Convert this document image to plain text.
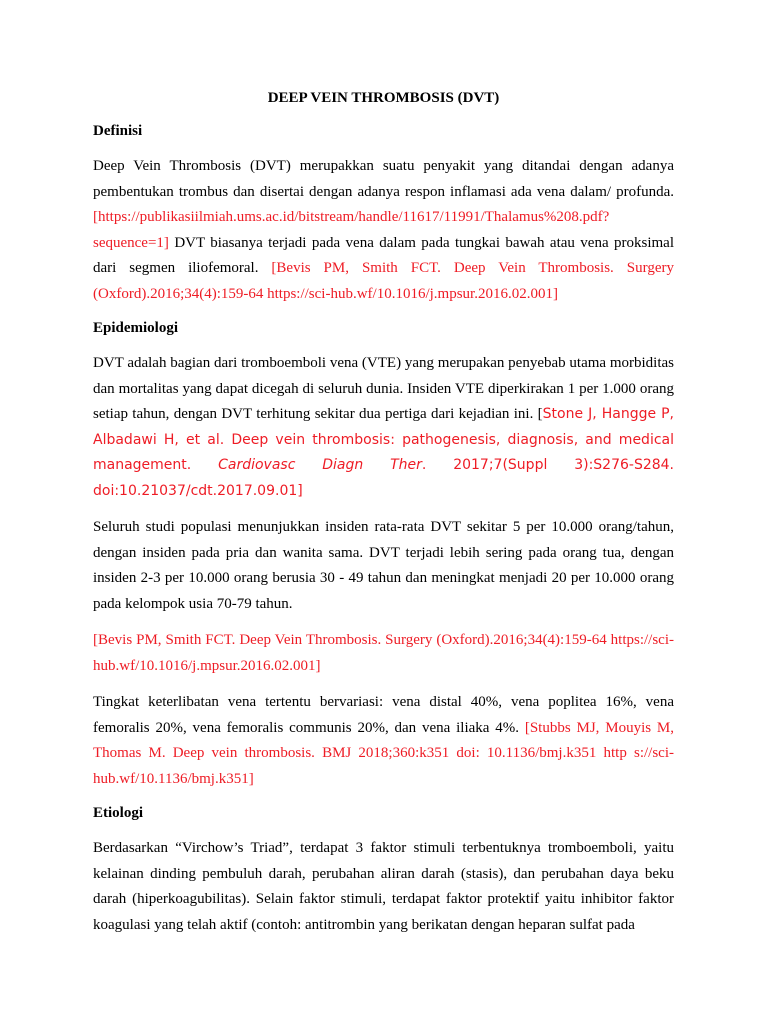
DEEP VEIN THROMBOSIS (DVT)
Definisi

Deep Vein Thrombosis (DVT) merupakkan suatu penyakit yang ditandai dengan adanya pembentukan trombus dan disertai dengan adanya respon inflamasi ada vena dalam/ profunda. [https://publikasiilmiah.ums.ac.id/bitstream/handle/11617/11991/Thalamus%208.pdf?sequence=1] DVT biasanya terjadi pada vena dalam pada tungkai bawah atau vena proksimal dari segmen iliofemoral. [Bevis PM, Smith FCT. Deep Vein Thrombosis. Surgery (Oxford).2016;34(4):159-64 https://sci-hub.wf/10.1016/j.mpsur.2016.02.001]

Epidemiologi

DVT adalah bagian dari tromboemboli vena (VTE) yang merupakan penyebab utama morbiditas dan mortalitas yang dapat dicegah di seluruh dunia. Insiden VTE diperkirakan 1 per 1.000 orang setiap tahun, dengan DVT terhitung sekitar dua pertiga dari kejadian ini. [Stone J, Hangge P, Albadawi H, et al. Deep vein thrombosis: pathogenesis, diagnosis, and medical management. Cardiovasc Diagn Ther. 2017;7(Suppl 3):S276-S284. doi:10.21037/cdt.2017.09.01]

Seluruh studi populasi menunjukkan insiden rata-rata DVT sekitar 5 per 10.000 orang/tahun, dengan insiden pada pria dan wanita sama. DVT terjadi lebih sering pada orang tua, dengan insiden 2-3 per 10.000 orang berusia 30 - 49 tahun dan meningkat menjadi 20 per 10.000 orang pada kelompok usia 70-79 tahun.

[Bevis PM, Smith FCT. Deep Vein Thrombosis. Surgery (Oxford).2016;34(4):159-64 https://sci-hub.wf/10.1016/j.mpsur.2016.02.001]

Tingkat keterlibatan vena tertentu bervariasi: vena distal 40%, vena poplitea 16%, vena femoralis 20%, vena femoralis communis 20%, dan vena iliaka 4%. [Stubbs MJ, Mouyis M, Thomas M. Deep vein thrombosis. BMJ 2018;360:k351 doi: 10.1136/bmj.k351 http s://sci-hub.wf/10.1136/bmj.k351]

Etiologi

Berdasarkan “Virchow’s Triad”, terdapat 3 faktor stimuli terbentuknya tromboemboli, yaitu kelainan dinding pembuluh darah, perubahan aliran darah (stasis), dan perubahan daya beku darah (hiperkoagubilitas). Selain faktor stimuli, terdapat faktor protektif yaitu inhibitor faktor koagulasi yang telah aktif (contoh: antitrombin yang berikatan dengan heparan sulfat pada
